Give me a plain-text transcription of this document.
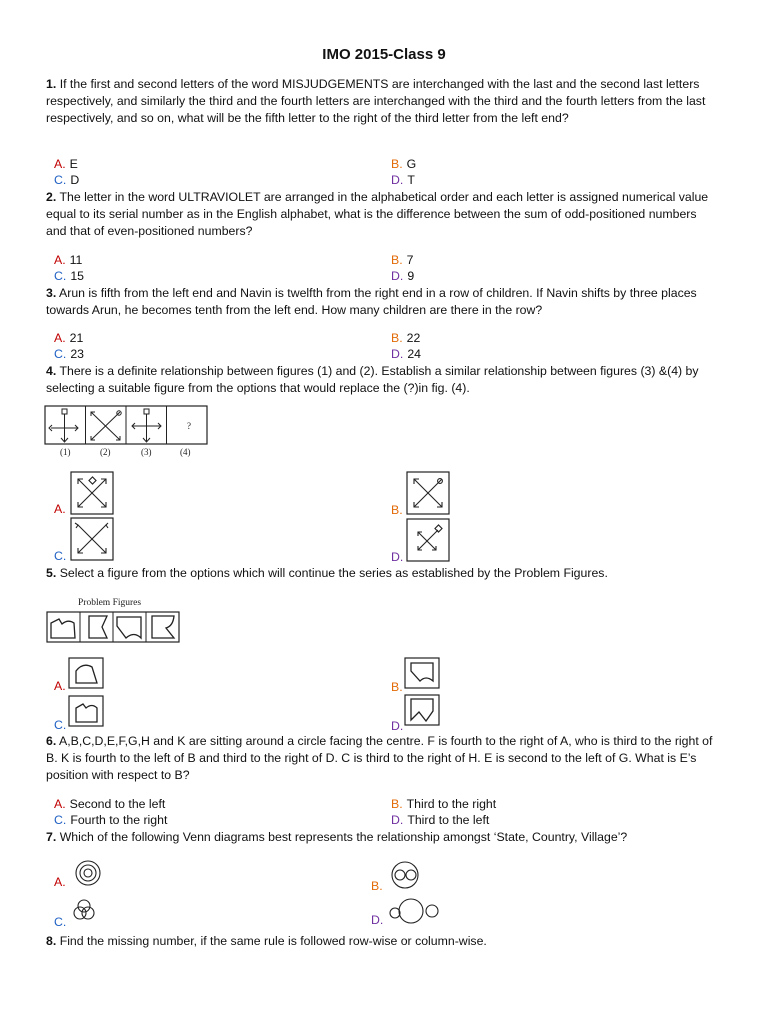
IMO 2015-Class 9
1. If the first and second letters of the word MISJUDGEMENTS are interchanged with the last and the second last letters respectively, and similarly the third and the fourth letters are interchanged with the third and the fourth letters from the last respectively, and so on, what will be the fifth letter to the right of the third letter from the left end?
A. E	B. G
C. D	D. T
2. The letter in the word ULTRAVIOLET are arranged in the alphabetical order and each letter is assigned numerical value equal to its serial number as in the English alphabet, what is the difference between the sum of odd-positioned numbers and that of even-positioned numbers?
A. 11	B. 7
C. 15	D. 9
3. Arun is fifth from the left end and Navin is twelfth from the right end in a row of children. If Navin shifts by three places towards Arun, he becomes tenth from the left end. How many children are there in the row?
A. 21	B. 22
C. 23	D. 24
4. There is a definite relationship between figures (1) and (2). Establish a similar relationship between figures (3) &(4) by selecting a suitable figure from the options that would replace the (?)in fig. (4).
?
(1)	(2)	(3)	(4)
A.	B.
C.	D.
5. Select a figure from the options which will continue the series as established by the Problem Figures.
Problem Figures
A.	B.
C.	D.
6. A,B,C,D,E,F,G,H and K are sitting around a circle facing the centre. F is fourth to the right of A, who is third to the right of B. K is fourth to the left of B and third to the right of D. C is third to the right of H. E is second to the left of G. What is E’s position with respect to B?
A. Second to the left	B. Third to the right
C. Fourth to the right	D. Third to the left
7. Which of the following Venn diagrams best represents the relationship amongst ‘State, Country, Village’?
A.	B.
C.	D.
8. Find the missing number, if the same rule is followed row-wise or column-wise.
